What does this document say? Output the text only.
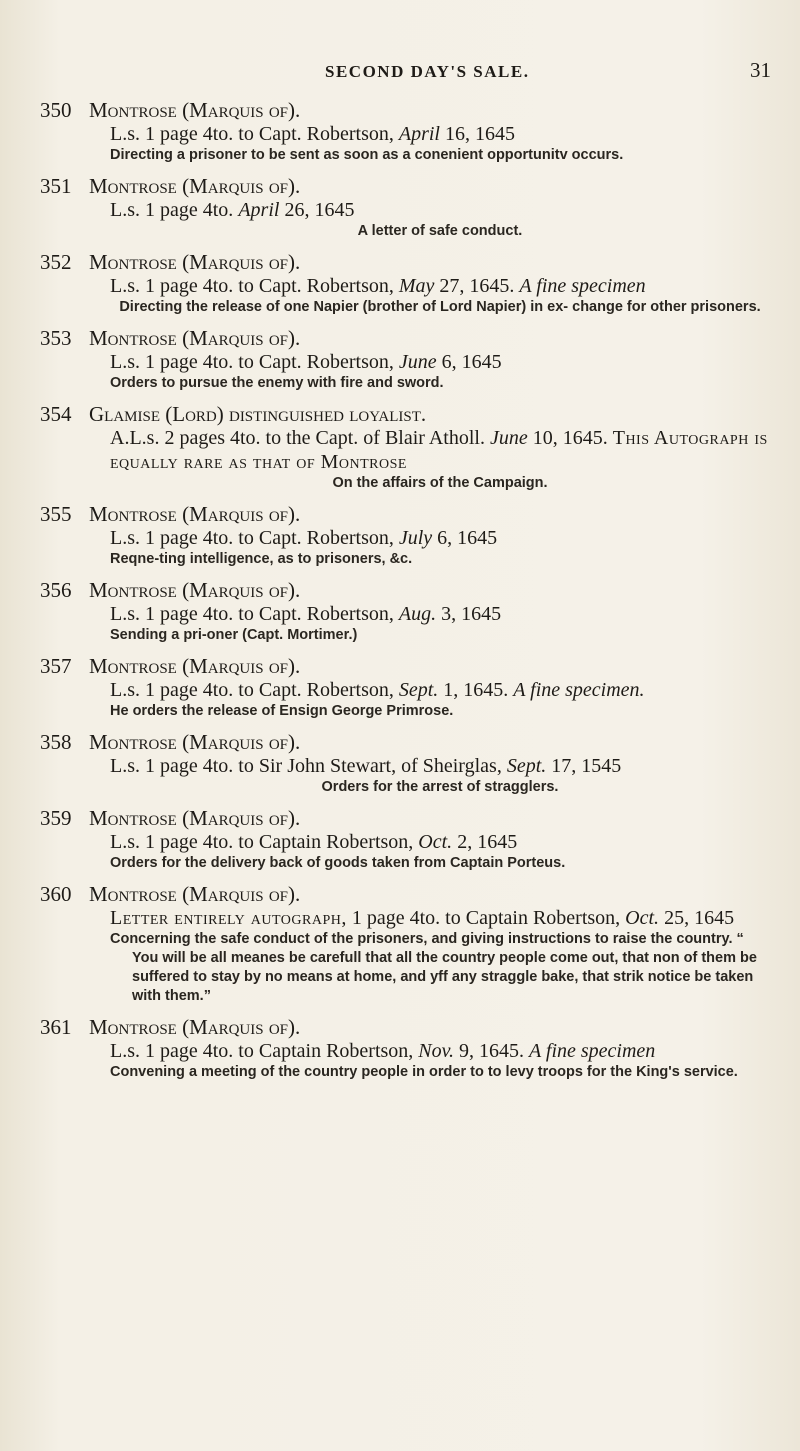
SECOND DAY'S SALE.	31
350 Montrose (Marquis of).
L.s. 1 page 4to. to Capt. Robertson, April 16, 1645
Directing a prisoner to be sent as soon as a conenient opportunitv occurs.
351 Montrose (Marquis of).
L.s. 1 page 4to. April 26, 1645
A letter of safe conduct.
352 Montrose (Marquis of).
L.s. 1 page 4to. to Capt. Robertson, May 27, 1645. A fine specimen
Directing the release of one Napier (brother of Lord Napier) in ex- change for other prisoners.
353 Montrose (Marquis of).
L.s. 1 page 4to. to Capt. Robertson, June 6, 1645
Orders to pursue the enemy with fire and sword.
354 Glamise (Lord) distinguished loyalist.
A.L.s. 2 pages 4to. to the Capt. of Blair Atholl. June 10, 1645. This Autograph is equally rare as that of Montrose
On the affairs of the Campaign.
355 Montrose (Marquis of).
L.s. 1 page 4to. to Capt. Robertson, July 6, 1645
Reqne-ting intelligence, as to prisoners, &c.
356 Montrose (Marquis of).
L.s. 1 page 4to. to Capt. Robertson, Aug. 3, 1645
Sending a pri-oner (Capt. Mortimer.)
357 Montrose (Marquis of).
L.s. 1 page 4to. to Capt. Robertson, Sept. 1, 1645. A fine specimen.
He orders the release of Ensign George Primrose.
358 Montrose (Marquis of).
L.s. 1 page 4to. to Sir John Stewart, of Sheirglas, Sept. 17, 1545
Orders for the arrest of stragglers.
359 Montrose (Marquis of).
L.s. 1 page 4to. to Captain Robertson, Oct. 2, 1645
Orders for the delivery back of goods taken from Captain Porteus.
360 Montrose (Marquis of).
Letter entirely autograph, 1 page 4to. to Captain Robertson, Oct. 25, 1645
Concerning the safe conduct of the prisoners, and giving instructions to raise the country. “ You will be all meanes be carefull that all the country people come out, that non of them be suffered to stay by no means at home, and yff any straggle bake, that strik notice be taken with them.”
361 Montrose (Marquis of).
L.s. 1 page 4to. to Captain Robertson, Nov. 9, 1645. A fine specimen
Convening a meeting of the country people in order to to levy troops for the King's service.
